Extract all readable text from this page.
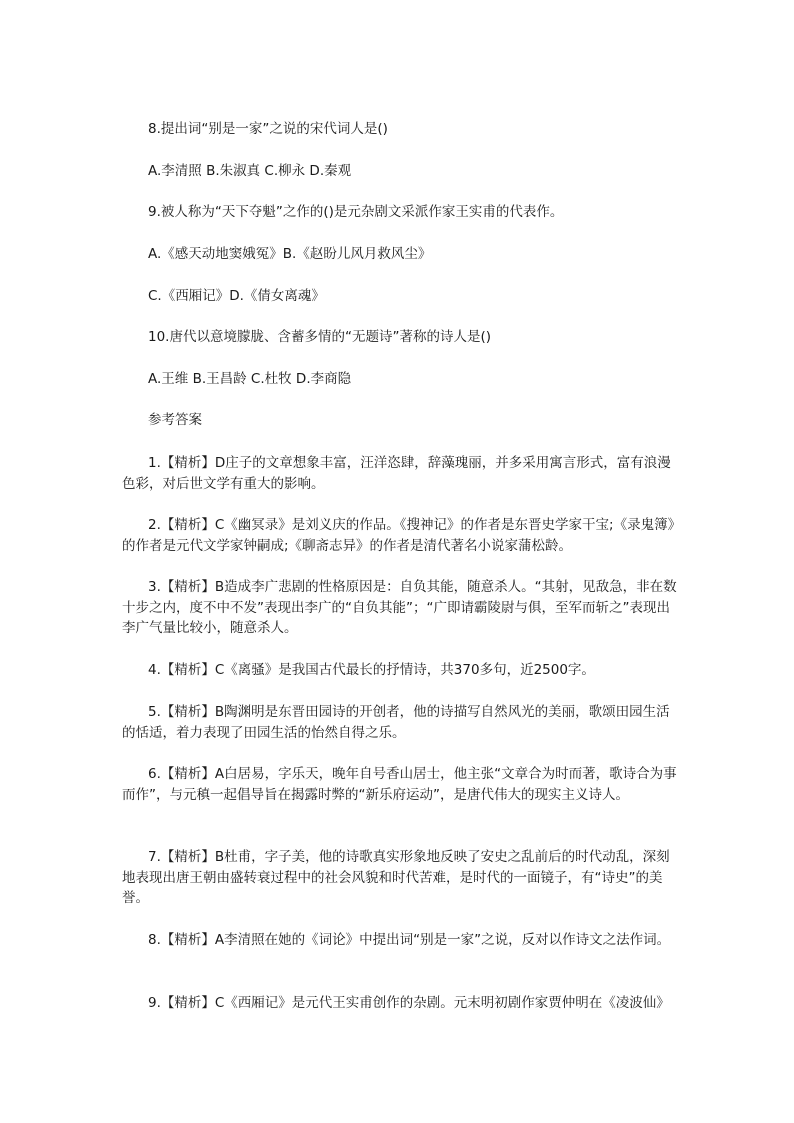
8.提出词“别是一家”之说的宋代词人是()
A.李清照 B.朱淑真 C.柳永 D.秦观
9.被人称为“天下夺魁”之作的()是元杂剧文采派作家王实甫的代表作。
A.《感天动地窦娥冤》B.《赵盼儿风月救风尘》
C.《西厢记》D.《倩女离魂》
10.唐代以意境朦胧、含蓄多情的“无题诗”著称的诗人是()
A.王维 B.王昌龄 C.杜牧 D.李商隐
参考答案
1.【精析】D庄子的文章想象丰富，汪洋恣肆，辞藻瑰丽，并多采用寓言形式，富有浪漫色彩，对后世文学有重大的影响。
2.【精析】C《幽冥录》是刘义庆的作品。《搜神记》的作者是东晋史学家干宝;《录鬼簿》的作者是元代文学家钟嗣成;《聊斋志异》的作者是清代著名小说家蒲松龄。
3.【精析】B造成李广悲剧的性格原因是：自负其能，随意杀人。“其射，见敌急，非在数十步之内，度不中不发”表现出李广的“自负其能”；“广即请霸陵尉与俱，至军而斩之”表现出李广气量比较小，随意杀人。
4.【精析】C《离骚》是我国古代最长的抒情诗，共370多句，近2500字。
5.【精析】B陶渊明是东晋田园诗的开创者，他的诗描写自然风光的美丽，歌颂田园生活的恬适，着力表现了田园生活的怡然自得之乐。
6.【精析】A白居易，字乐天，晚年自号香山居士，他主张“文章合为时而著，歌诗合为事而作”，与元稹一起倡导旨在揭露时弊的“新乐府运动”，是唐代伟大的现实主义诗人。
7.【精析】B杜甫，字子美，他的诗歌真实形象地反映了安史之乱前后的时代动乱，深刻地表现出唐王朝由盛转衰过程中的社会风貌和时代苦难，是时代的一面镜子，有“诗史”的美誉。
8.【精析】A李清照在她的《词论》中提出词“别是一家”之说，反对以作诗文之法作词。
9.【精析】C《西厢记》是元代王实甫创作的杂剧。元末明初剧作家贾仲明在《凌波仙》
